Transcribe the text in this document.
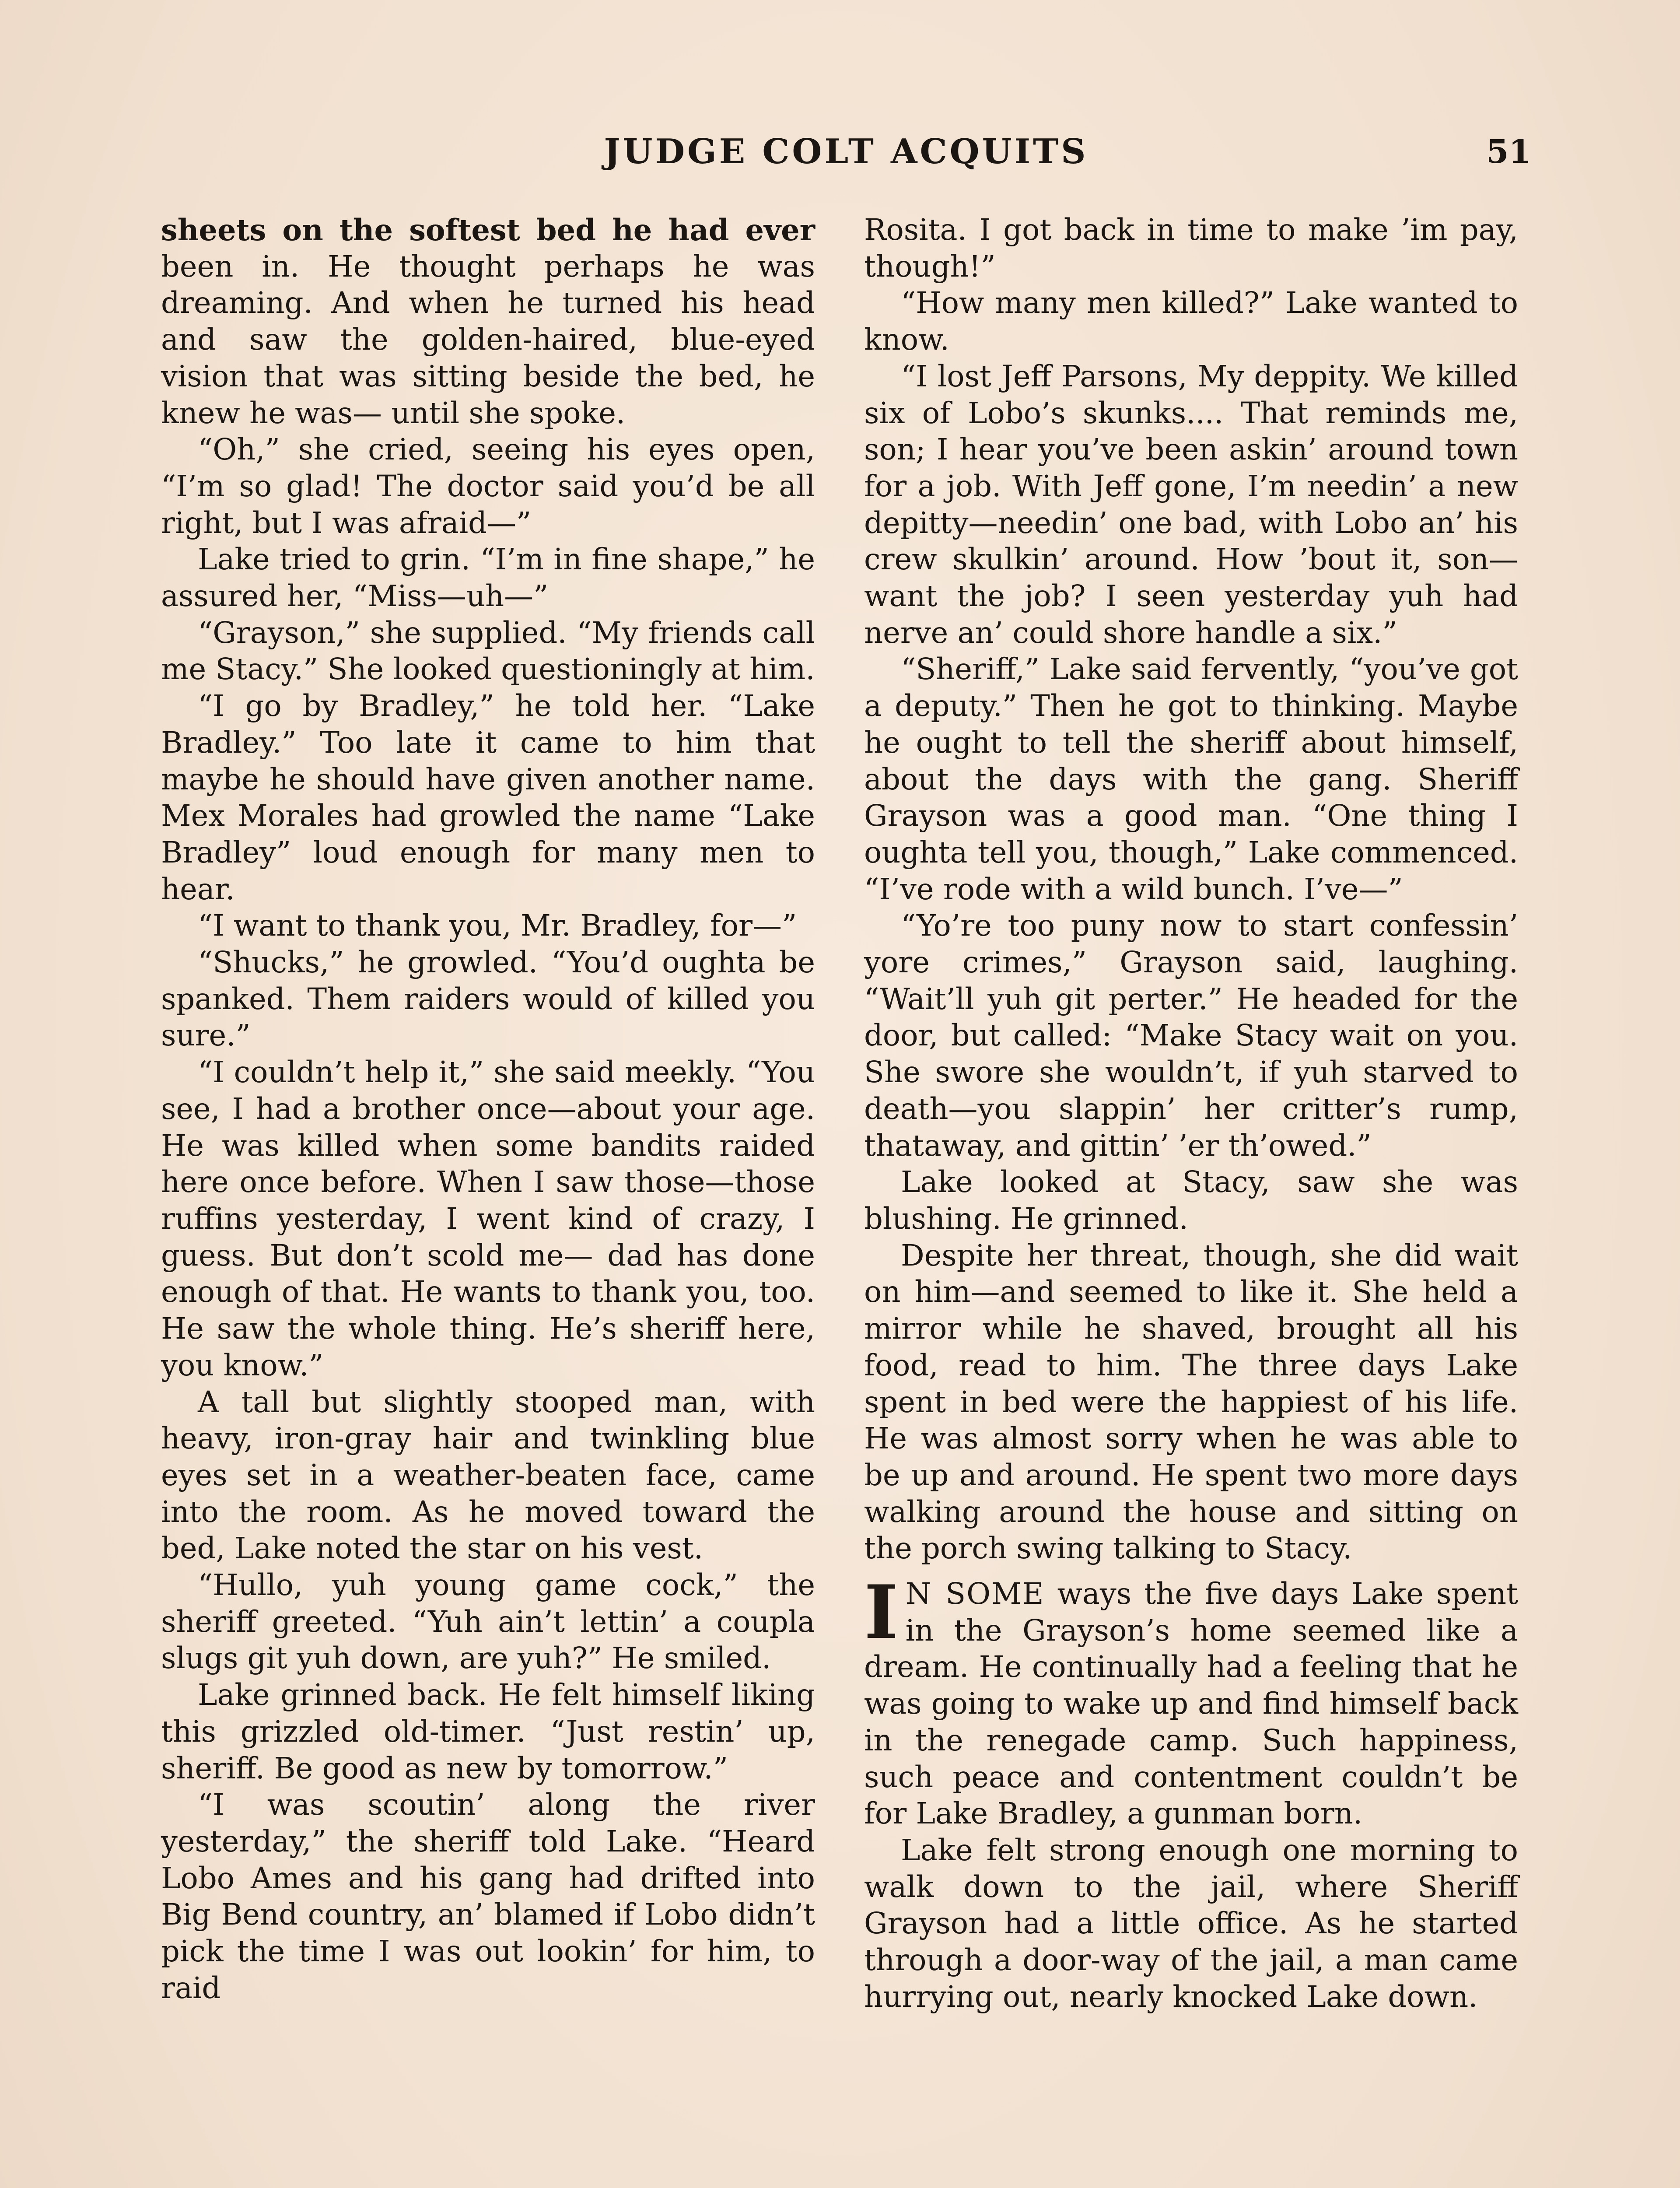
JUDGE COLT ACQUITS	51

sheets on the softest bed he had ever been in. He thought perhaps he was dreaming. And when he turned his head and saw the golden-haired, blue-eyed vision that was sitting beside the bed, he knew he was— until she spoke.

“Oh,” she cried, seeing his eyes open, “I’m so glad! The doctor said you’d be all right, but I was afraid—”

Lake tried to grin. “I’m in fine shape,” he assured her, “Miss—uh—”

“Grayson,” she supplied. “My friends call me Stacy.” She looked questioningly at him.

“I go by Bradley,” he told her. “Lake Bradley.” Too late it came to him that maybe he should have given another name. Mex Morales had growled the name “Lake Bradley” loud enough for many men to hear.

“I want to thank you, Mr. Bradley, for—”

“Shucks,” he growled. “You’d oughta be spanked. Them raiders would of killed you sure.”

“I couldn’t help it,” she said meekly. “You see, I had a brother once—about your age. He was killed when some bandits raided here once before. When I saw those—those ruffins yesterday, I went kind of crazy, I guess. But don’t scold me— dad has done enough of that. He wants to thank you, too. He saw the whole thing. He’s sheriff here, you know.”

A tall but slightly stooped man, with heavy, iron-gray hair and twinkling blue eyes set in a weather-beaten face, came into the room. As he moved toward the bed, Lake noted the star on his vest.

“Hullo, yuh young game cock,” the sheriff greeted. “Yuh ain’t lettin’ a coupla slugs git yuh down, are yuh?” He smiled.

Lake grinned back. He felt himself liking this grizzled old-timer. “Just restin’ up, sheriff. Be good as new by tomorrow.”

“I was scoutin’ along the river yesterday,” the sheriff told Lake. “Heard Lobo Ames and his gang had drifted into Big Bend country, an’ blamed if Lobo didn’t pick the time I was out lookin’ for him, to raid

Rosita. I got back in time to make ’im pay, though!”

“How many men killed?” Lake wanted to know.

“I lost Jeff Parsons, My deppity. We killed six of Lobo’s skunks.... That reminds me, son; I hear you’ve been askin’ around town for a job. With Jeff gone, I’m needin’ a new depitty—needin’ one bad, with Lobo an’ his crew skulkin’ around. How ’bout it, son—want the job? I seen yesterday yuh had nerve an’ could shore handle a six.”

“Sheriff,” Lake said fervently, “you’ve got a deputy.” Then he got to thinking. Maybe he ought to tell the sheriff about himself, about the days with the gang. Sheriff Grayson was a good man. “One thing I oughta tell you, though,” Lake commenced. “I’ve rode with a wild bunch. I’ve—”

“Yo’re too puny now to start confessin’ yore crimes,” Grayson said, laughing. “Wait’ll yuh git perter.” He headed for the door, but called: “Make Stacy wait on you. She swore she wouldn’t, if yuh starved to death—you slappin’ her critter’s rump, thataway, and gittin’ ’er th’owed.”

Lake looked at Stacy, saw she was blushing. He grinned.

Despite her threat, though, she did wait on him—and seemed to like it. She held a mirror while he shaved, brought all his food, read to him. The three days Lake spent in bed were the happiest of his life. He was almost sorry when he was able to be up and around. He spent two more days walking around the house and sitting on the porch swing talking to Stacy.

I N SOME ways the five days Lake spent in the Grayson’s home seemed like a dream. He continually had a feeling that he was going to wake up and find himself back in the renegade camp. Such happiness, such peace and contentment couldn’t be for Lake Bradley, a gunman born.

Lake felt strong enough one morning to walk down to the jail, where Sheriff Grayson had a little office. As he started through a door-way of the jail, a man came hurrying out, nearly knocked Lake down.
